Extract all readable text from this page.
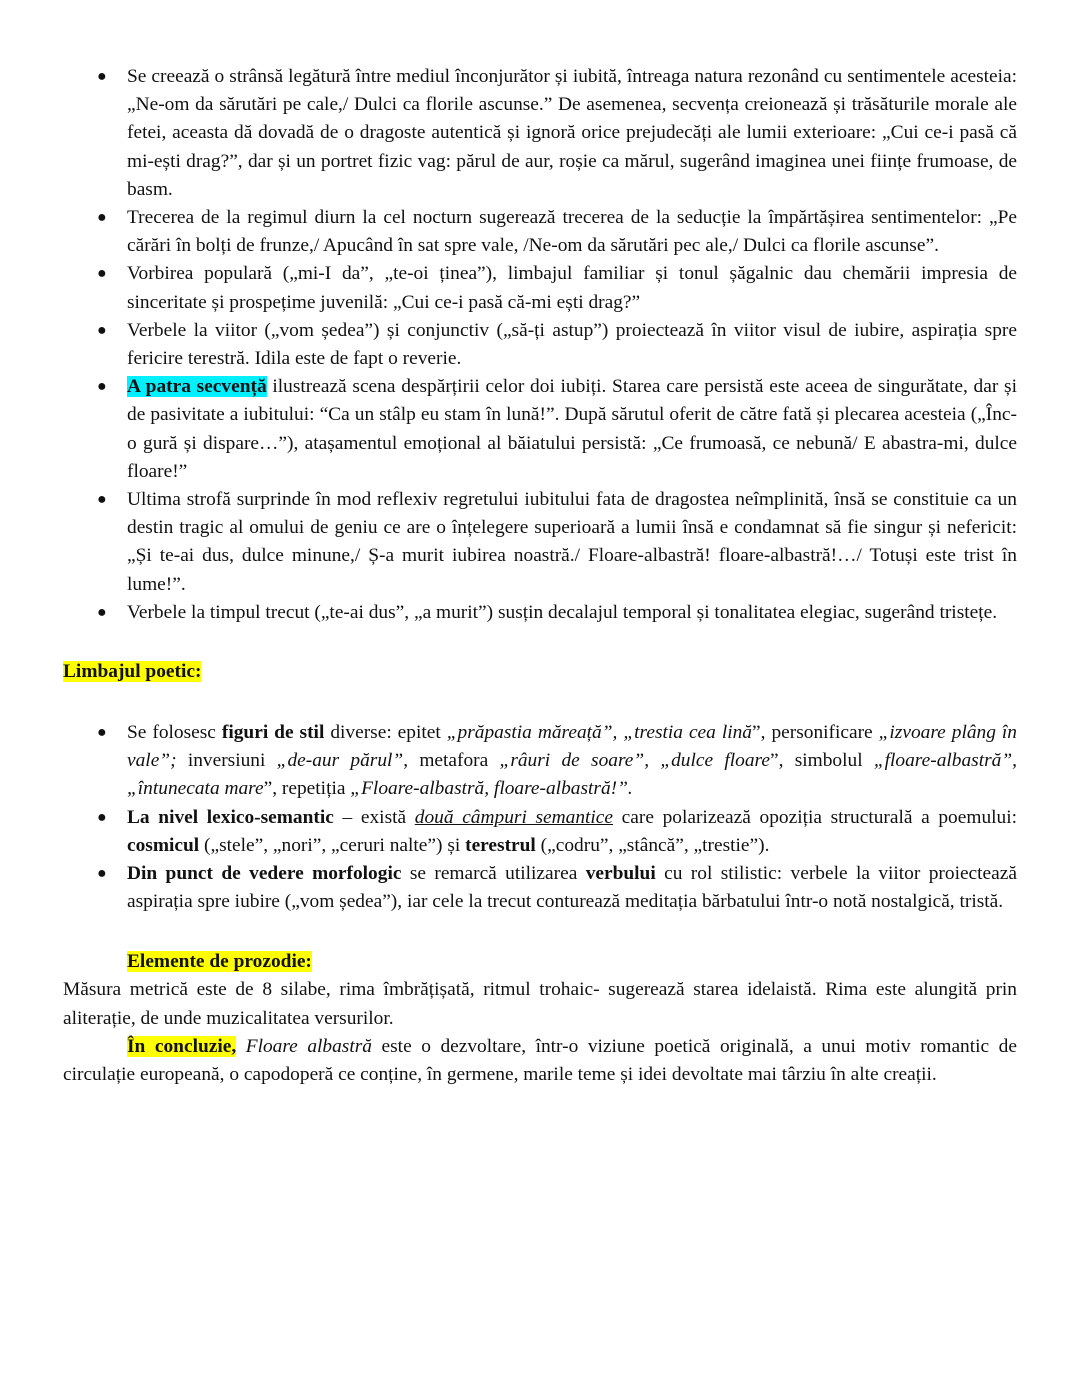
● Se creează o strânsă legătură între mediul înconjurător și iubită, întreaga natura rezonând cu sentimentele acesteia: „Ne-om da sărutări pe cale,/ Dulci ca florile ascunse.” De asemenea, secvența creionează și trăsăturile morale ale fetei, aceasta dă dovadă de o dragoste autentică și ignoră orice prejudecăți ale lumii exterioare: „Cui ce-i pasă că mi-ești drag?”, dar și un portret fizic vag: părul de aur, roșie ca mărul, sugerând imaginea unei ființe frumoase, de basm.
● Trecerea de la regimul diurn la cel nocturn sugerează trecerea de la seducție la împărtășirea sentimentelor: „Pe cărări în bolți de frunze,/ Apucând în sat spre vale, /Ne-om da sărutări pec ale,/ Dulci ca florile ascunse”.
● Vorbirea populară („mi-I da”, „te-oi ținea”), limbajul familiar și tonul șăgalnic dau chemării impresia de sinceritate și prospețime juvenilă: „Cui ce-i pasă că-mi ești drag?”
● Verbele la viitor („vom ședea”) și conjunctiv („să-ți astup”) proiectează în viitor visul de iubire, aspirația spre fericire terestră. Idila este de fapt o reverie.
● A patra secvență ilustrează scena despărțirii celor doi iubiți. Starea care persistă este aceea de singurătate, dar și de pasivitate a iubitului: “Ca un stâlp eu stam în lună!”. După sărutul oferit de către fată și plecarea acesteia („Înc-o gură și dispare…”), atașamentul emoțional al băiatului persistă: „Ce frumoasă, ce nebună/ E abastra-mi, dulce floare!”
● Ultima strofă surprinde în mod reflexiv regretului iubitului fata de dragostea neîmplinită, însă se constituie ca un destin tragic al omului de geniu ce are o înțelegere superioară a lumii însă e condamnat să fie singur și nefericit: „Și te-ai dus, dulce minune,/ Ș-a murit iubirea noastră./ Floare-albastră! floare-albastră!…/ Totuși este trist în lume!”.
● Verbele la timpul trecut („te-ai dus”, „a murit”) susțin decalajul temporal și tonalitatea elegiac, sugerând tristețe.
Limbajul poetic:
● Se folosesc figuri de stil diverse: epitet „prăpastia măreață”, „trestia cea lină”, personificare „izvoare plâng în vale”; inversiuni „de-aur părul”, metafora „râuri de soare”, „dulce floare”, simbolul „floare-albastră”, „întunecata mare”, repetiția „Floare-albastră, floare-albastră!”.
● La nivel lexico-semantic – există două câmpuri semantice care polarizează opoziția structurală a poemului: cosmicul („stele”, „nori”, „ceruri nalte”) și terestrul („codru”, „stâncă”, „trestie”).
● Din punct de vedere morfologic se remarcă utilizarea verbului cu rol stilistic: verbele la viitor proiectează aspirația spre iubire („vom ședea”), iar cele la trecut conturează meditația bărbatului într-o notă nostalgică, tristă.
Elemente de prozodie:

Măsura metrică este de 8 silabe, rima îmbrățișată, ritmul trohaic- sugerează starea idelaistă. Rima este alungită prin aliterație, de unde muzicalitatea versurilor.

În concluzie, Floare albastră este o dezvoltare, într-o viziune poetică originală, a unui motiv romantic de circulație europeană, o capodoperă ce conține, în germene, marile teme și idei devoltate mai târziu în alte creații.
